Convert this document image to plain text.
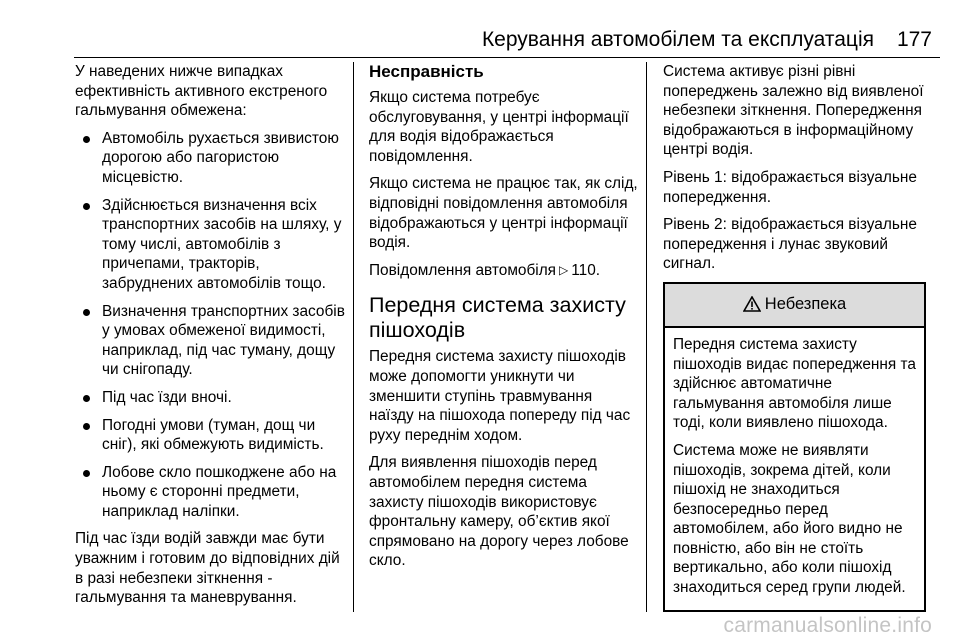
Керування автомобілем та експлуатація 177

У наведених нижче випадках ефективність активного екстреного гальмування обмежена:

Автомобіль рухається звивистою дорогою або пагористою місцевістю.
Здійснюється визначення всіх транспортних засобів на шляху, у тому числі, автомобілів з причепами, тракторів, забруднених автомобілів тощо.
Визначення транспортних засобів у умовах обмеженої видимості, наприклад, під час туману, дощу чи снігопаду.
Під час їзди вночі.
Погодні умови (туман, дощ чи сніг), які обмежують видимість.
Лобове скло пошкоджене або на ньому є сторонні предмети, наприклад наліпки.

Під час їзди водій завжди має бути уважним і готовим до відповідних дій в разі небезпеки зіткнення - гальмування та маневрування.

Несправність

Якщо система потребує обслуговування, у центрі інформації для водія відображається повідомлення.

Якщо система не працює так, як слід, відповідні повідомлення автомобіля відображаються у центрі інформації водія.

Повідомлення автомобіля ▷ 110.

Передня система захисту пішоходів

Передня система захисту пішоходів може допомогти уникнути чи зменшити ступінь травмування наїзду на пішохода попереду під час руху переднім ходом.

Для виявлення пішоходів перед автомобілем передня система захисту пішоходів використовує фронтальну камеру, об’єктив якої спрямовано на дорогу через лобове скло.

Система активує різні рівні попереджень залежно від виявленої небезпеки зіткнення. Попередження відображаються в інформаційному центрі водія.

Рівень 1: відображається візуальне попередження.

Рівень 2: відображається візуальне попередження і лунає звуковий сигнал.

Небезпека

Передня система захисту пішоходів видає попередження та здійснює автоматичне гальмування автомобіля лише тоді, коли виявлено пішохода.

Система може не виявляти пішоходів, зокрема дітей, коли пішохід не знаходиться безпосередньо перед автомобілем, або його видно не повністю, або він не стоїть вертикально, або коли пішохід знаходиться серед групи людей.

carmanualsonline.info
